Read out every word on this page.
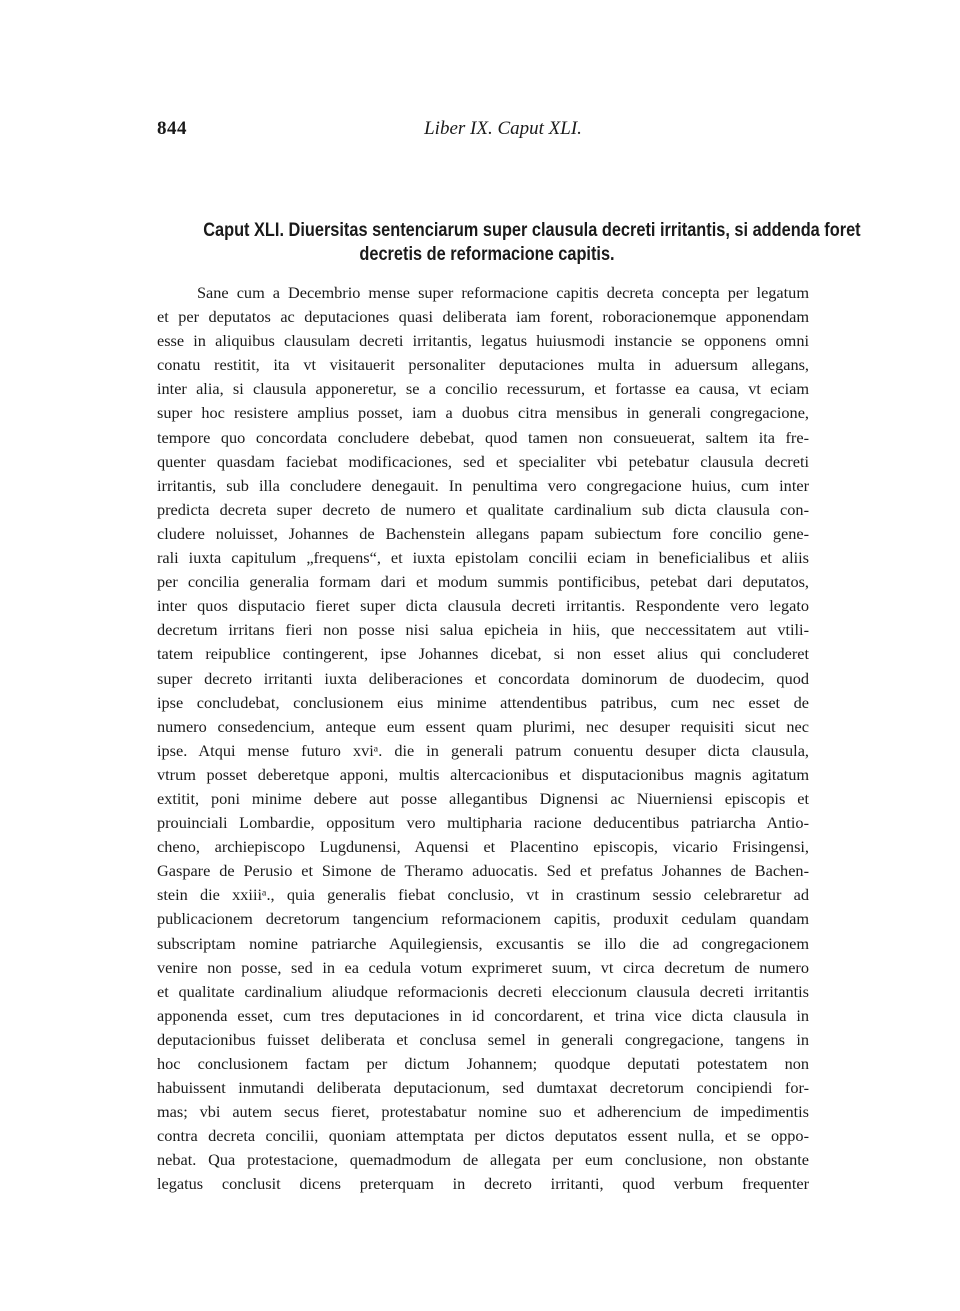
844	Liber IX. Caput XLI.
Caput XLI. Diuersitas sentenciarum super clausula decreti irritantis, si addenda foret
decretis de reformacione capitis.
Sane cum a Decembrio mense super reformacione capitis decreta concepta per legatum
et per deputatos ac deputaciones quasi deliberata iam forent, roboracionemque apponendam
esse in aliquibus clausulam decreti irritantis, legatus huiusmodi instancie se opponens omni
conatu restitit, ita vt visitauerit personaliter deputaciones multa in aduersum allegans,
inter alia, si clausula apponeretur, se a concilio recessurum, et fortasse ea causa, vt eciam
super hoc resistere amplius posset, iam a duobus citra mensibus in generali congregacione,
tempore quo concordata concludere debebat, quod tamen non consueuerat, saltem ita fre-
quenter quasdam faciebat modificaciones, sed et specialiter vbi petebatur clausula decreti
irritantis, sub illa concludere denegauit. In penultima vero congregacione huius, cum inter
predicta decreta super decreto de numero et qualitate cardinalium sub dicta clausula con-
cludere noluisset, Johannes de Bachenstein allegans papam subiectum fore concilio gene-
rali iuxta capitulum „frequens“, et iuxta epistolam concilii eciam in beneficialibus et aliis
per concilia generalia formam dari et modum summis pontificibus, petebat dari deputatos,
inter quos disputacio fieret super dicta clausula decreti irritantis. Respondente vero legato
decretum irritans fieri non posse nisi salua epicheia in hiis, que neccessitatem aut vtili-
tatem reipublice contingerent, ipse Johannes dicebat, si non esset alius qui concluderet
super decreto irritanti iuxta deliberaciones et concordata dominorum de duodecim, quod
ipse concludebat, conclusionem eius minime attendentibus patribus, cum nec esset de
numero consedencium, anteque eum essent quam plurimi, nec desuper requisiti sicut nec
ipse. Atqui mense futuro xviᵃ. die in generali patrum conuentu desuper dicta clausula,
vtrum posset deberetque apponi, multis altercacionibus et disputacionibus magnis agitatum
extitit, poni minime debere aut posse allegantibus Dignensi ac Niuerniensi episcopis et
prouinciali Lombardie, oppositum vero multipharia racione deducentibus patriarcha Antio-
cheno, archiepiscopo Lugdunensi, Aquensi et Placentino episcopis, vicario Frisingensi,
Gaspare de Perusio et Simone de Theramo aduocatis. Sed et prefatus Johannes de Bachen-
stein die xxiiiᵃ., quia generalis fiebat conclusio, vt in crastinum sessio celebraretur ad
publicacionem decretorum tangencium reformacionem capitis, produxit cedulam quandam
subscriptam nomine patriarche Aquilegiensis, excusantis se illo die ad congregacionem
venire non posse, sed in ea cedula votum exprimeret suum, vt circa decretum de numero
et qualitate cardinalium aliudque reformacionis decreti eleccionum clausula decreti irritantis
apponenda esset, cum tres deputaciones in id concordarent, et trina vice dicta clausula in
deputacionibus fuisset deliberata et conclusa semel in generali congregacione, tangens in
hoc conclusionem factam per dictum Johannem; quodque deputati potestatem non
habuissent inmutandi deliberata deputacionum, sed dumtaxat decretorum concipiendi for-
mas; vbi autem secus fieret, protestabatur nomine suo et adherencium de impedimentis
contra decreta concilii, quoniam attemptata per dictos deputatos essent nulla, et se oppo-
nebat. Qua protestacione, quemadmodum de allegata per eum conclusione, non obstante
legatus conclusit dicens preterquam in decreto irritanti, quod verbum frequenter
